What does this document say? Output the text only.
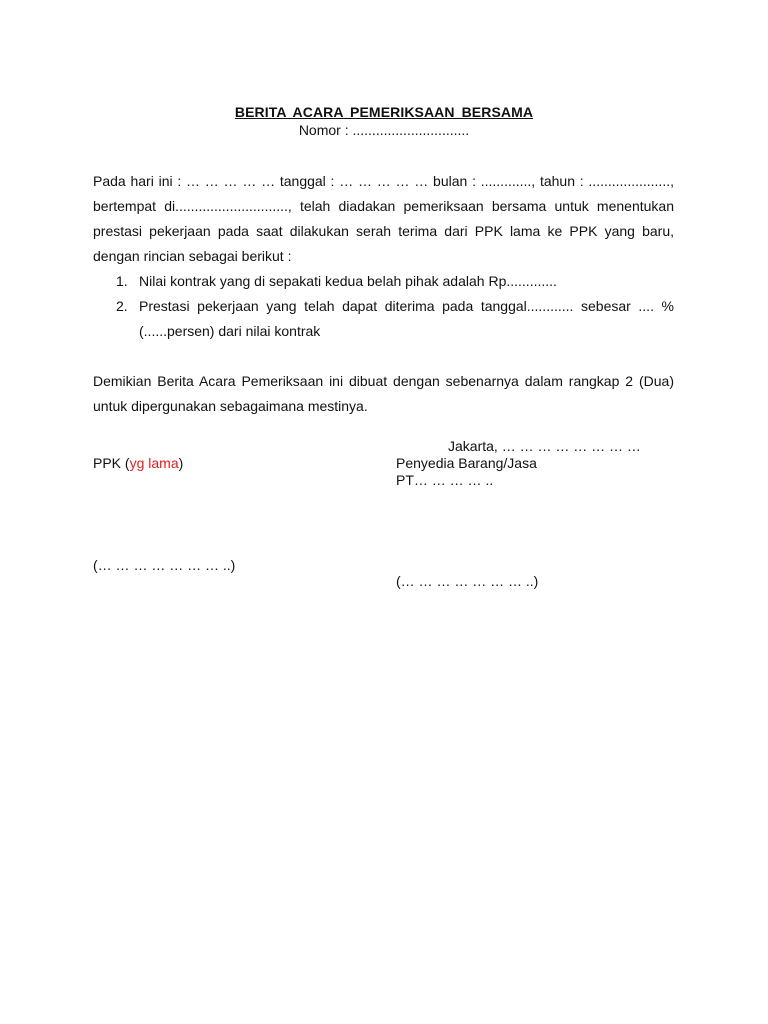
BERITA ACARA PEMERIKSAAN BERSAMA
Nomor : ..............................
Pada hari ini : … … … … … tanggal : … … … … … bulan : ............., tahun : ....................., bertempat di............................., telah diadakan pemeriksaan bersama untuk menentukan prestasi pekerjaan pada saat dilakukan serah terima dari PPK lama ke PPK yang baru, dengan rincian sebagai berikut :
1. Nilai kontrak yang di sepakati kedua belah pihak adalah Rp.............
2. Prestasi pekerjaan yang telah dapat diterima pada tanggal............ sebesar .... % (......persen) dari nilai kontrak
Demikian Berita Acara Pemeriksaan ini dibuat dengan sebenarnya dalam rangkap 2 (Dua) untuk dipergunakan sebagaimana mestinya.
Jakarta, … … … … … … … …
PPK (yg lama)	Penyedia Barang/Jasa
PT… … … … ..
(… … … … … … … ..)
(… … … … … … … ..)
